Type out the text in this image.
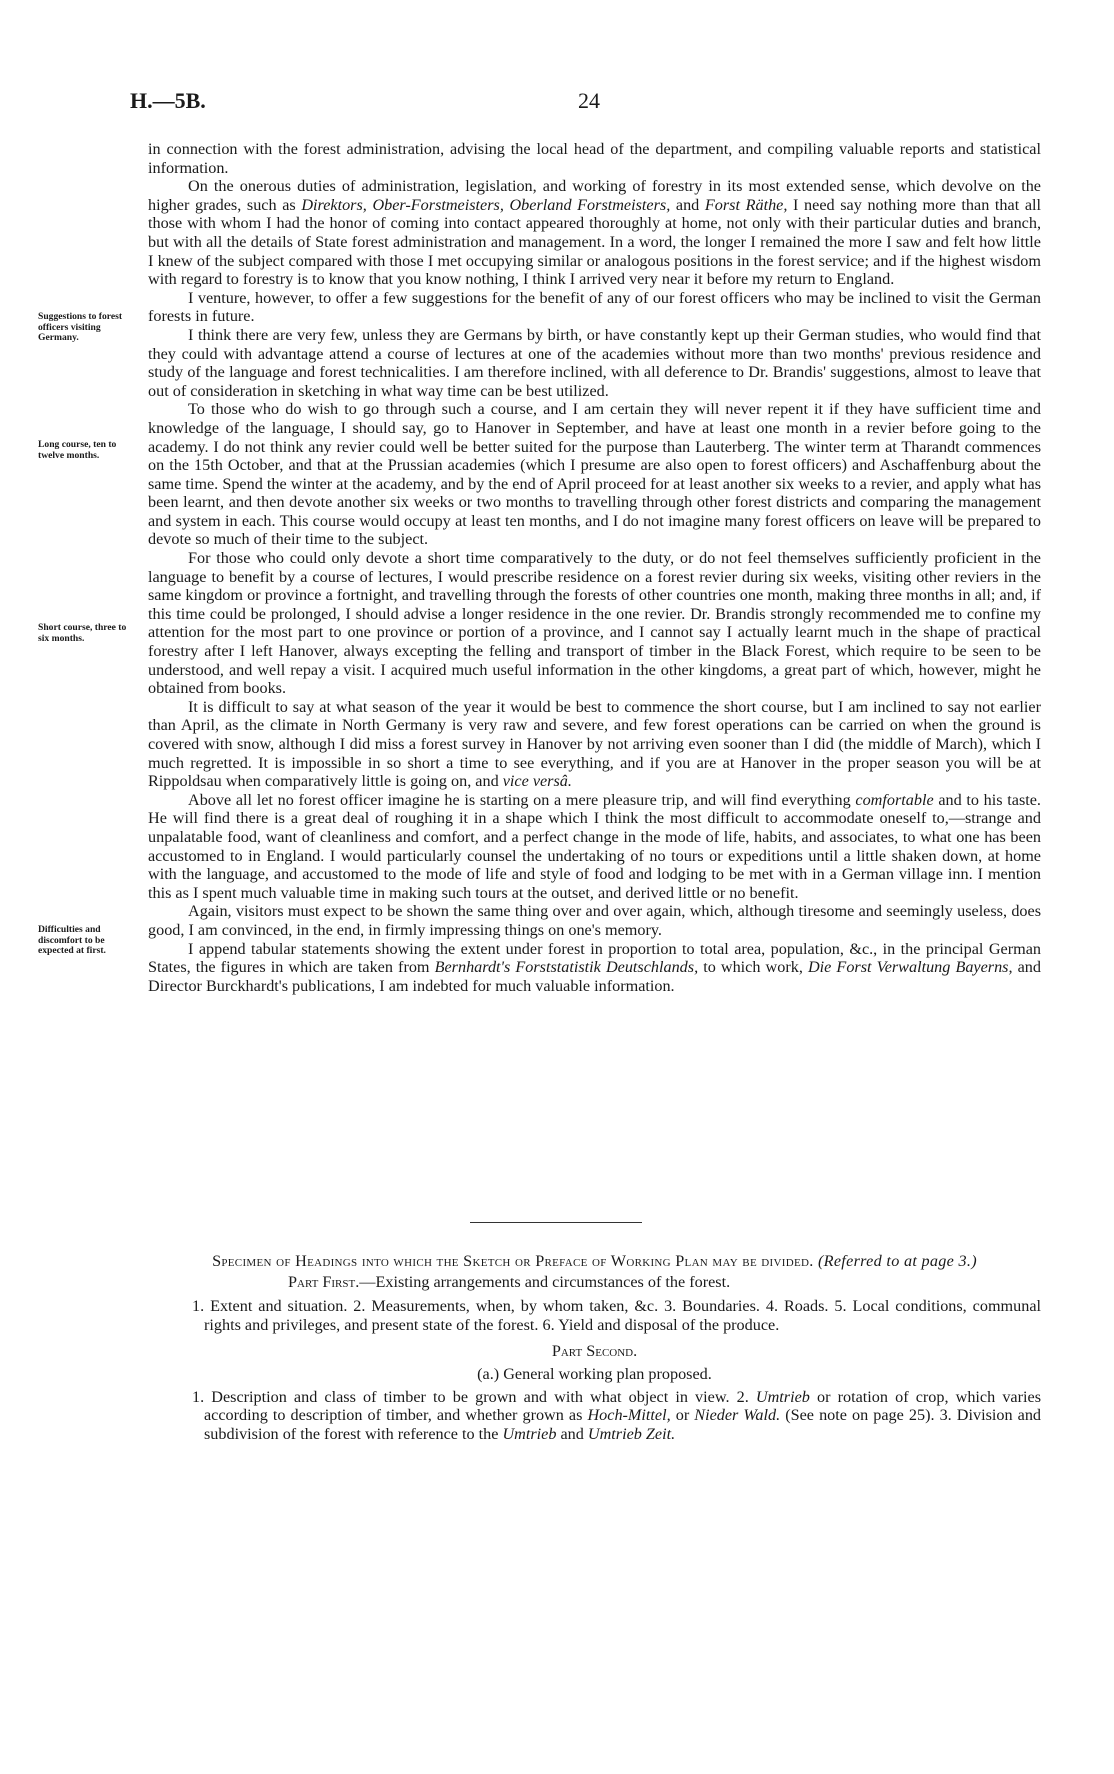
H.—5B.	24
Suggestions to forest officers visiting Germany.
Long course, ten to twelve months.
Short course, three to six months.
Difficulties and discomfort to be expected at first.

in connection with the forest administration, advising the local head of the department, and compiling valuable reports and statistical information.

On the onerous duties of administration, legislation, and working of forestry in its most extended sense, which devolve on the higher grades, such as Direktors, Ober-Forstmeisters, Oberland Forstmeisters, and Forst Räthe, I need say nothing more than that all those with whom I had the honor of coming into contact appeared thoroughly at home, not only with their particular duties and branch, but with all the details of State forest administration and management. In a word, the longer I remained the more I saw and felt how little I knew of the subject compared with those I met occupying similar or analogous positions in the forest service; and if the highest wisdom with regard to forestry is to know that you know nothing, I think I arrived very near it before my return to England.

I venture, however, to offer a few suggestions for the benefit of any of our forest officers who may be inclined to visit the German forests in future.

I think there are very few, unless they are Germans by birth, or have constantly kept up their German studies, who would find that they could with advantage attend a course of lectures at one of the academies without more than two months' previous residence and study of the language and forest technicalities. I am therefore inclined, with all deference to Dr. Brandis' suggestions, almost to leave that out of consideration in sketching in what way time can be best utilized.

To those who do wish to go through such a course, and I am certain they will never repent it if they have sufficient time and knowledge of the language, I should say, go to Hanover in September, and have at least one month in a revier before going to the academy. I do not think any revier could well be better suited for the purpose than Lauterberg. The winter term at Tharandt commences on the 15th October, and that at the Prussian academies (which I presume are also open to forest officers) and Aschaffenburg about the same time. Spend the winter at the academy, and by the end of April proceed for at least another six weeks to a revier, and apply what has been learnt, and then devote another six weeks or two months to travelling through other forest districts and comparing the management and system in each. This course would occupy at least ten months, and I do not imagine many forest officers on leave will be prepared to devote so much of their time to the subject.

For those who could only devote a short time comparatively to the duty, or do not feel themselves sufficiently proficient in the language to benefit by a course of lectures, I would prescribe residence on a forest revier during six weeks, visiting other reviers in the same kingdom or province a fortnight, and travelling through the forests of other countries one month, making three months in all; and, if this time could be prolonged, I should advise a longer residence in the one revier. Dr. Brandis strongly recommended me to confine my attention for the most part to one province or portion of a province, and I cannot say I actually learnt much in the shape of practical forestry after I left Hanover, always excepting the felling and transport of timber in the Black Forest, which require to be seen to be understood, and well repay a visit. I acquired much useful information in the other kingdoms, a great part of which, however, might he obtained from books.

It is difficult to say at what season of the year it would be best to commence the short course, but I am inclined to say not earlier than April, as the climate in North Germany is very raw and severe, and few forest operations can be carried on when the ground is covered with snow, although I did miss a forest survey in Hanover by not arriving even sooner than I did (the middle of March), which I much regretted. It is impossible in so short a time to see everything, and if you are at Hanover in the proper season you will be at Rippoldsau when comparatively little is going on, and vice versâ.

Above all let no forest officer imagine he is starting on a mere pleasure trip, and will find everything comfortable and to his taste. He will find there is a great deal of roughing it in a shape which I think the most difficult to accommodate oneself to,—strange and unpalatable food, want of cleanliness and comfort, and a perfect change in the mode of life, habits, and associates, to what one has been accustomed to in England. I would particularly counsel the undertaking of no tours or expeditions until a little shaken down, at home with the language, and accustomed to the mode of life and style of food and lodging to be met with in a German village inn. I mention this as I spent much valuable time in making such tours at the outset, and derived little or no benefit.

Again, visitors must expect to be shown the same thing over and over again, which, although tiresome and seemingly useless, does good, I am convinced, in the end, in firmly impressing things on one's memory.

I append tabular statements showing the extent under forest in proportion to total area, population, &c., in the principal German States, the figures in which are taken from Bernhardt's Forststatistik Deutschlands, to which work, Die Forst Verwaltung Bayerns, and Director Burckhardt's publications, I am indebted for much valuable information.

Specimen of Headings into which the Sketch or Preface of Working Plan may be divided. (Referred to at page 3.)
Part First.—Existing arrangements and circumstances of the forest.
1. Extent and situation. 2. Measurements, when, by whom taken, &c. 3. Boundaries. 4. Roads. 5. Local conditions, communal rights and privileges, and present state of the forest. 6. Yield and disposal of the produce.
Part Second.
(a.) General working plan proposed.
1. Description and class of timber to be grown and with what object in view. 2. Umtrieb or rotation of crop, which varies according to description of timber, and whether grown as Hoch-Mittel, or Nieder Wald. (See note on page 25). 3. Division and subdivision of the forest with reference to the Umtrieb and Umtrieb Zeit.
